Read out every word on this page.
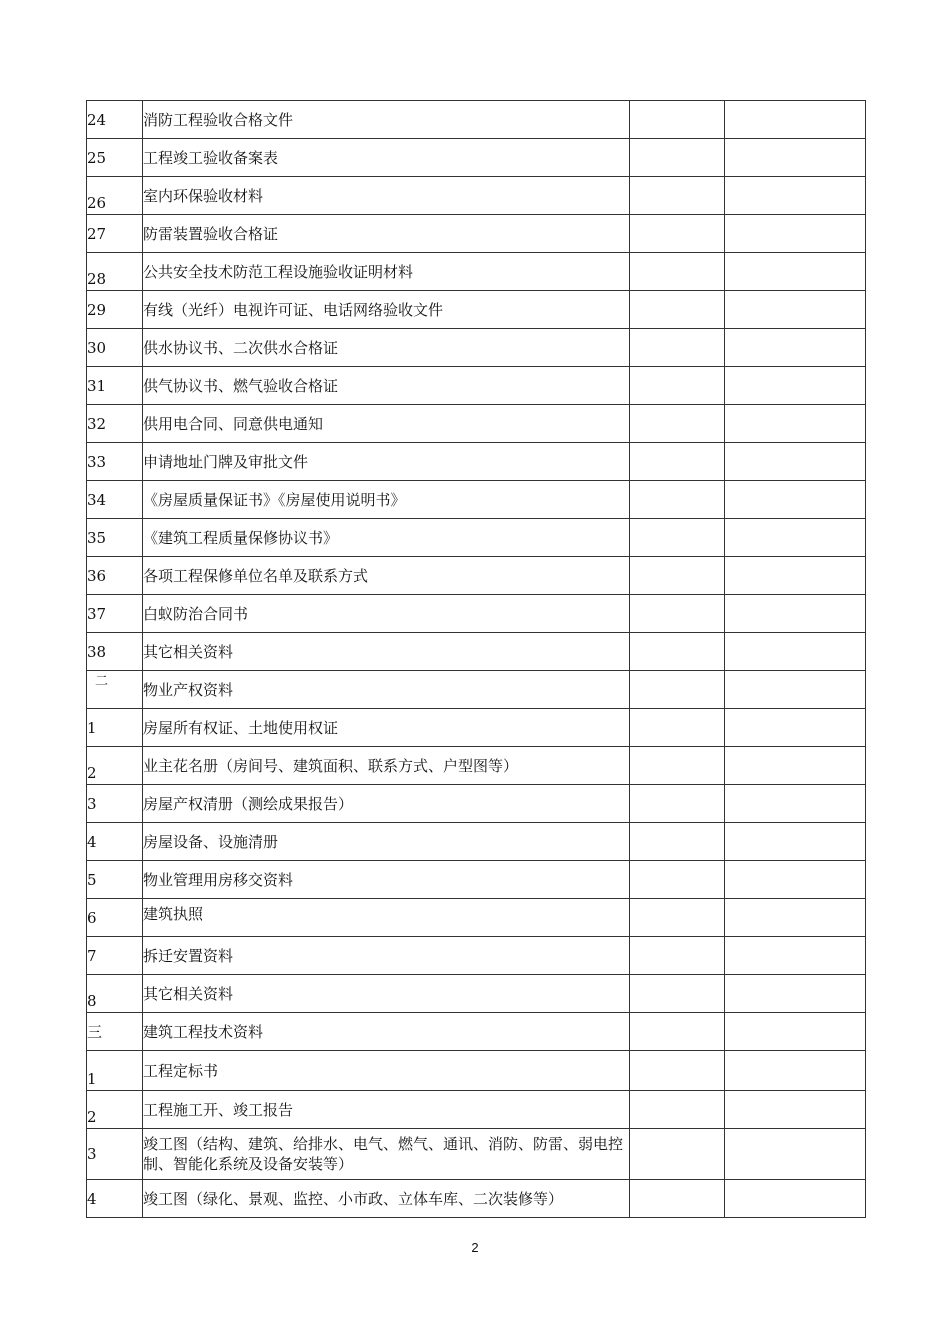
24	消防工程验收合格文件		
25	工程竣工验收备案表		
26	室内环保验收材料		
27	防雷装置验收合格证		
28	公共安全技术防范工程设施验收证明材料		
29	有线（光纤）电视许可证、电话网络验收文件		
30	供水协议书、二次供水合格证		
31	供气协议书、燃气验收合格证		
32	供用电合同、同意供电通知		
33	申请地址门牌及审批文件		
34	《房屋质量保证书》《房屋使用说明书》		
35	《建筑工程质量保修协议书》		
36	各项工程保修单位名单及联系方式		
37	白蚁防治合同书		
38	其它相关资料		
二	物业产权资料		
1	房屋所有权证、土地使用权证		
2	业主花名册（房间号、建筑面积、联系方式、户型图等）		
3	房屋产权清册（测绘成果报告）		
4	房屋设备、设施清册		
5	物业管理用房移交资料		
6	建筑执照		
7	拆迁安置资料		
8	其它相关资料		
三	建筑工程技术资料		
1	工程定标书		
2	工程施工开、竣工报告		
3	竣工图（结构、建筑、给排水、电气、燃气、通讯、消防、防雷、弱电控制、智能化系统及设备安装等）		
4	竣工图（绿化、景观、监控、小市政、立体车库、二次装修等）		
2
